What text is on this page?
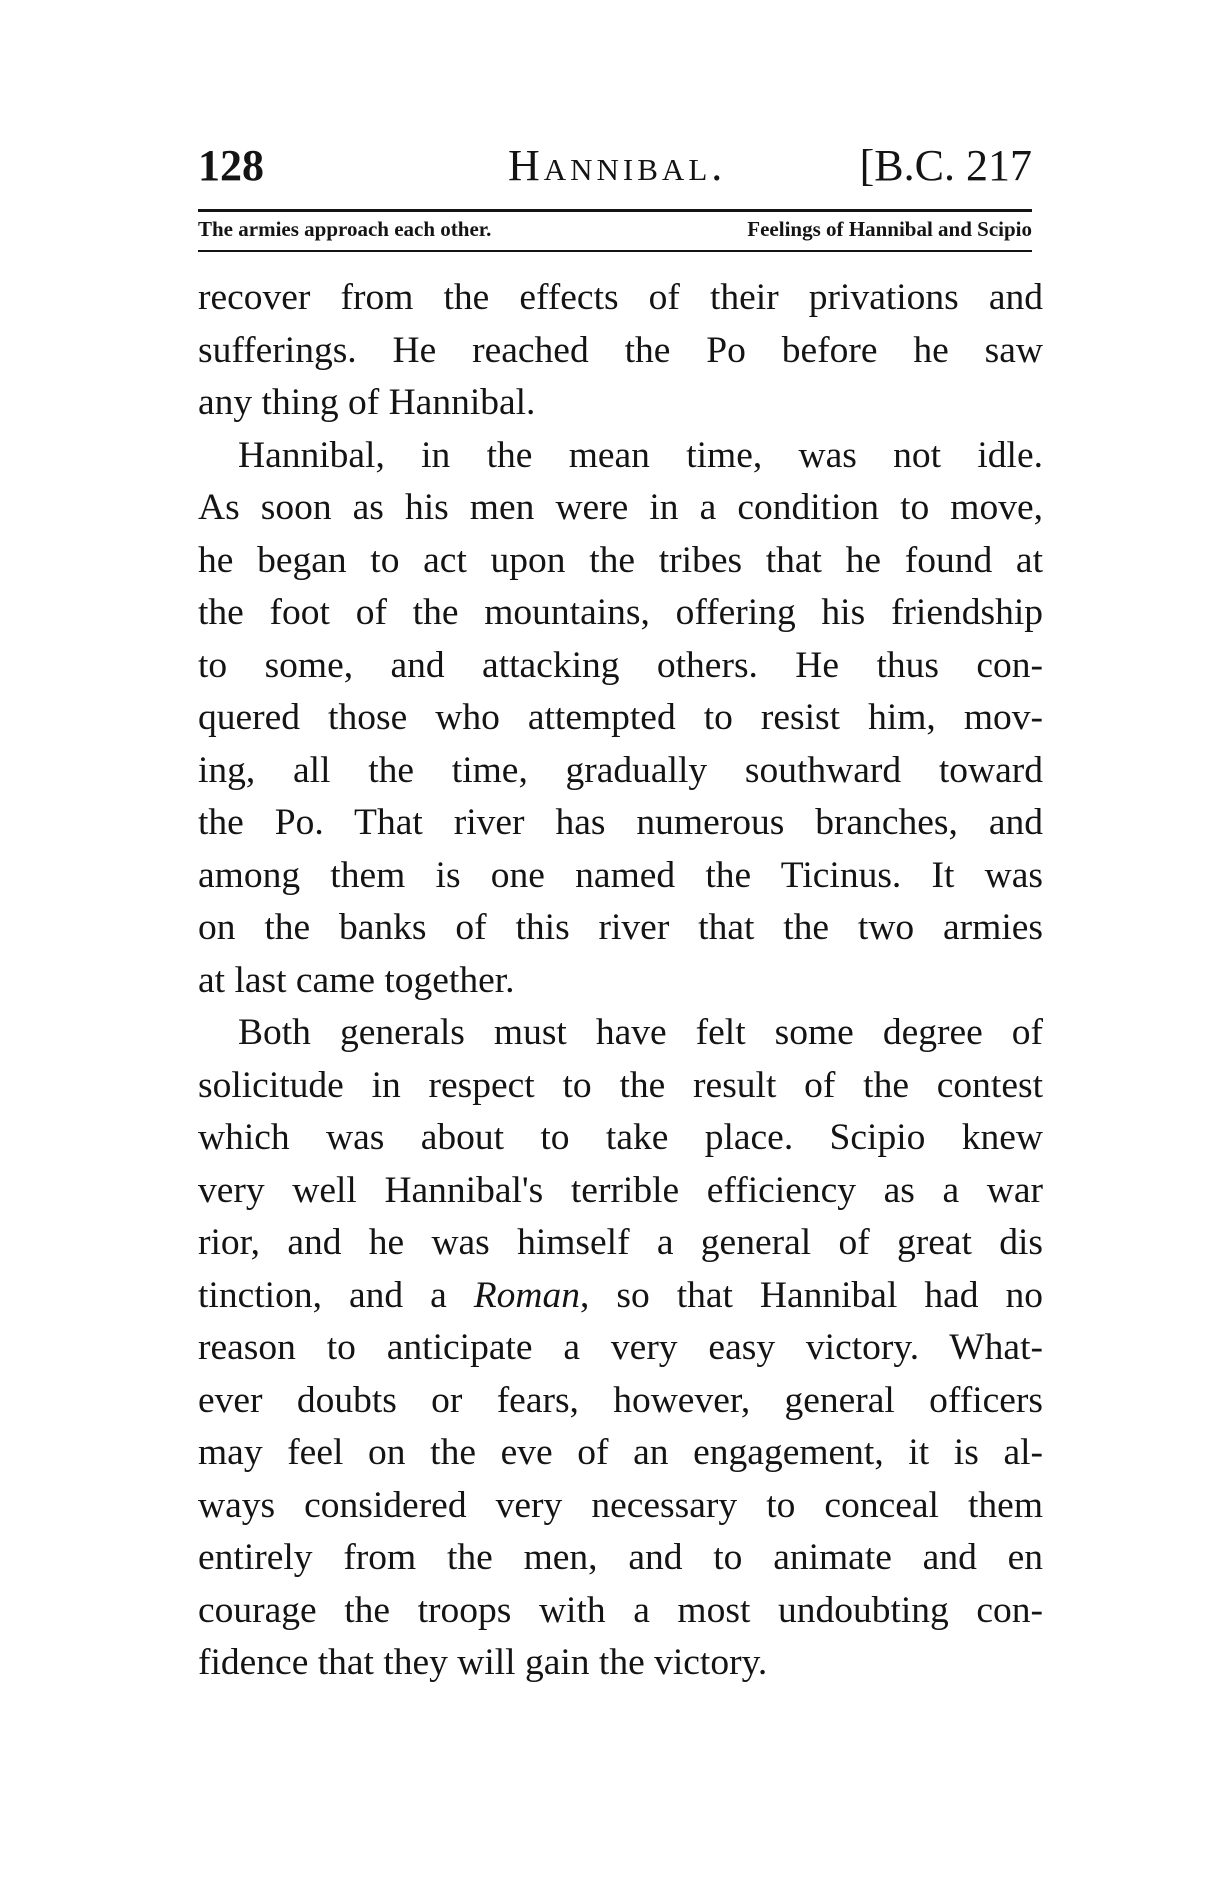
128	Hannibal.	[B.C. 217
The armies approach each other.	Feelings of Hannibal and Scipio
recover from the effects of their privations and
sufferings. He reached the Po before he saw
any thing of Hannibal.
Hannibal, in the mean time, was not idle.
As soon as his men were in a condition to move,
he began to act upon the tribes that he found at
the foot of the mountains, offering his friendship
to some, and attacking others. He thus con-
quered those who attempted to resist him, mov-
ing, all the time, gradually southward toward
the Po. That river has numerous branches, and
among them is one named the Ticinus. It was
on the banks of this river that the two armies
at last came together.
Both generals must have felt some degree of
solicitude in respect to the result of the contest
which was about to take place. Scipio knew
very well Hannibal's terrible efficiency as a war
rior, and he was himself a general of great dis
tinction, and a Roman, so that Hannibal had no
reason to anticipate a very easy victory. What-
ever doubts or fears, however, general officers
may feel on the eve of an engagement, it is al-
ways considered very necessary to conceal them
entirely from the men, and to animate and en
courage the troops with a most undoubting con-
fidence that they will gain the victory.
